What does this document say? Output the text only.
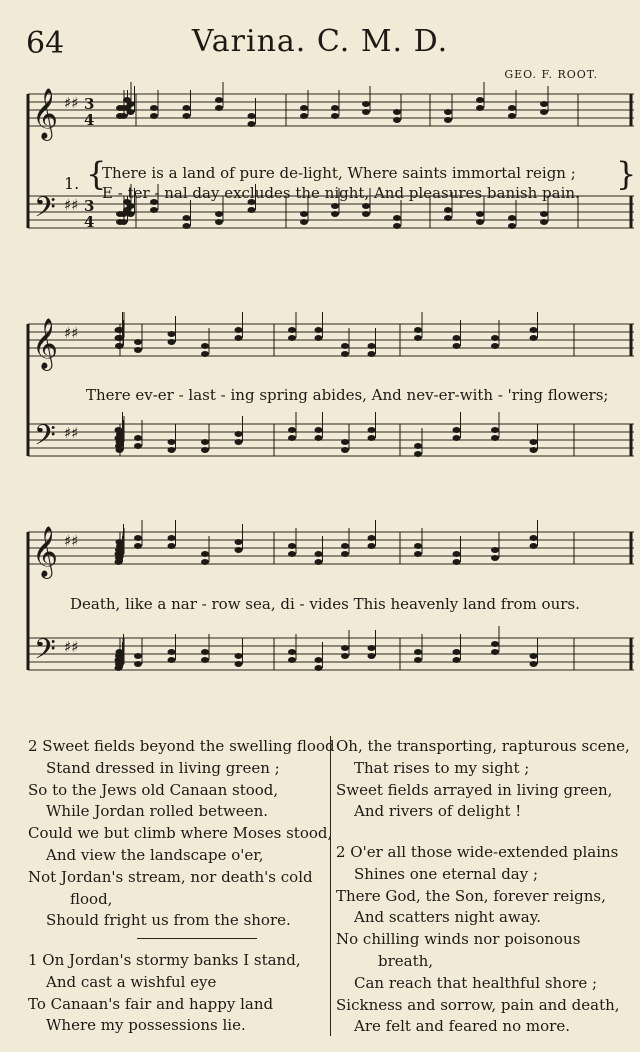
64	Varina. C. M. D.
GEO. F. ROOT.
𝄞 ♯♯ 3
4
𝄢 ♯♯ 3
4
1. {	}
There is a land of pure de-light, Where saints immortal reign ;
E - ter - nal day excludes the night, And pleasures banish pain.
𝄞 ♯♯
𝄢 ♯♯
There ev-er - last - ing spring abides, And nev-er-with - 'ring flowers;
𝄞 ♯♯
𝄢 ♯♯
Death, like a nar - row sea, di - vides This heavenly land from ours.
2 Sweet fields beyond the swelling flood
Stand dressed in living green ;
So to the Jews old Canaan stood,
While Jordan rolled between.
Could we but climb where Moses stood,
And view the landscape o'er,
Not Jordan's stream, nor death's cold
flood,
Should fright us from the shore.
1 On Jordan's stormy banks I stand,
And cast a wishful eye
To Canaan's fair and happy land
Where my possessions lie.
Oh, the transporting, rapturous scene,
That rises to my sight ;
Sweet fields arrayed in living green,
And rivers of delight !
2 O'er all those wide-extended plains
Shines one eternal day ;
There God, the Son, forever reigns,
And scatters night away.
No chilling winds nor poisonous
breath,
Can reach that healthful shore ;
Sickness and sorrow, pain and death,
Are felt and feared no more.
